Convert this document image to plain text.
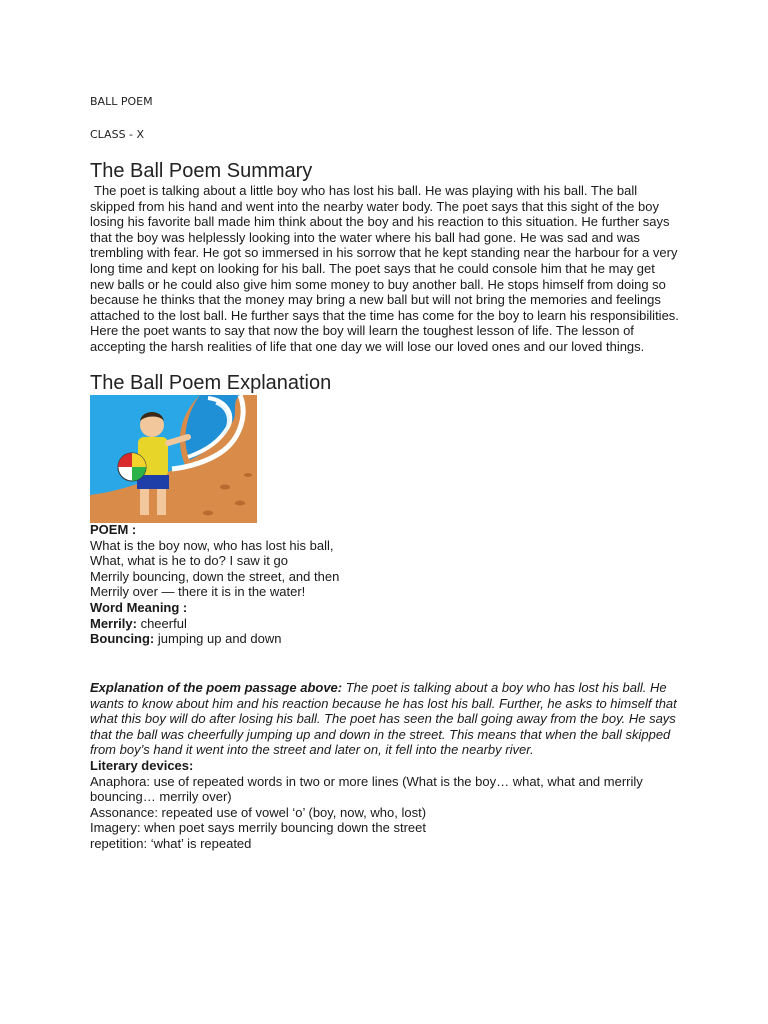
BALL POEM
CLASS - X
The Ball Poem Summary

The poet is talking about a little boy who has lost his ball. He was playing with his ball. The ball skipped from his hand and went into the nearby water body. The poet says that this sight of the boy losing his favorite ball made him think about the boy and his reaction to this situation. He further says that the boy was helplessly looking into the water where his ball had gone. He was sad and was trembling with fear. He got so immersed in his sorrow that he kept standing near the harbour for a very long time and kept on looking for his ball. The poet says that he could console him that he may get new balls or he could also give him some money to buy another ball. He stops himself from doing so because he thinks that the money may bring a new ball but will not bring the memories and feelings attached to the lost ball. He further says that the time has come for the boy to learn his responsibilities. Here the poet wants to say that now the boy will learn the toughest lesson of life. The lesson of accepting the harsh realities of life that one day we will lose our loved ones and our loved things.

The Ball Poem Explanation
POEM :
What is the boy now, who has lost his ball,
What, what is he to do? I saw it go
Merrily bouncing, down the street, and then
Merrily over — there it is in the water!
Word Meaning :
Merrily: cheerful
Bouncing: jumping up and down

Explanation of the poem passage above: The poet is talking about a boy who has lost his ball. He wants to know about him and his reaction because he has lost his ball. Further, he asks to himself that what this boy will do after losing his ball. The poet has seen the ball going away from the boy. He says that the ball was cheerfully jumping up and down in the street. This means that when the ball skipped from boy’s hand it went into the street and later on, it fell into the nearby river.

Literary devices:
Anaphora: use of repeated words in two or more lines (What is the boy… what, what and merrily bouncing… merrily over)
Assonance: repeated use of vowel ‘o’ (boy, now, who, lost)
Imagery: when poet says merrily bouncing down the street
repetition: ‘what’ is repeated
